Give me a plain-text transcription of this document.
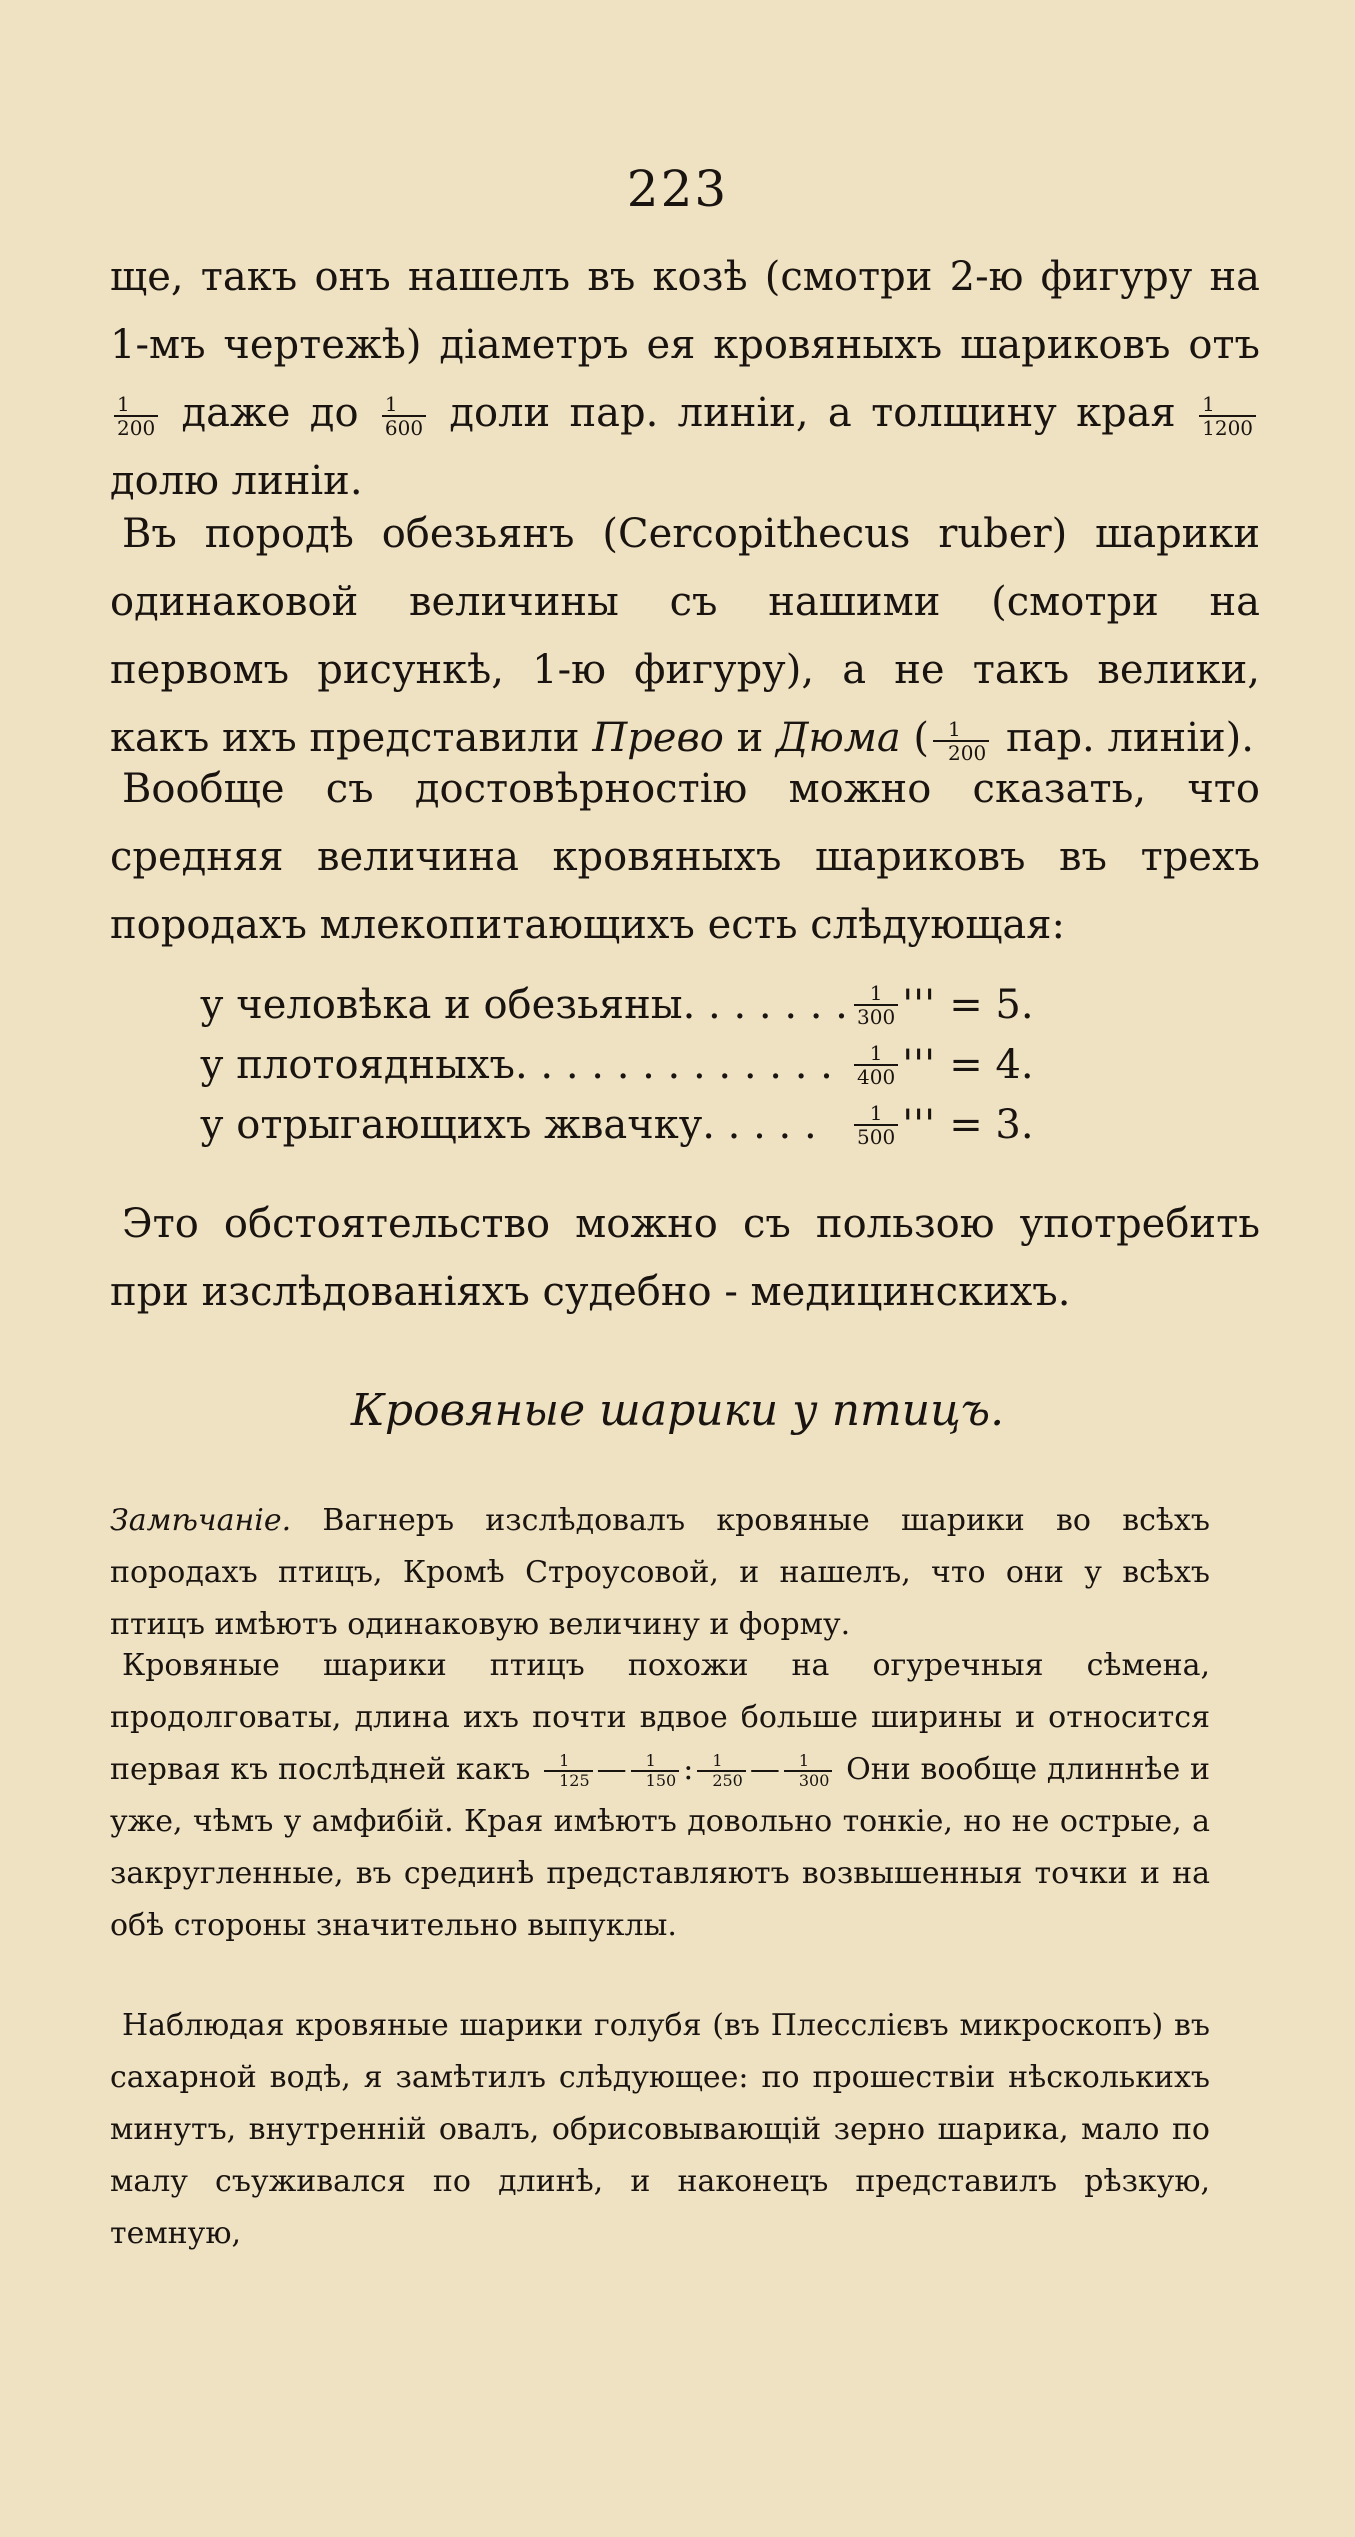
223

ще, такъ онъ нашелъ въ козѣ (смотри 2-ю фигуру на 1-мъ чертежѣ) діаметръ ея кровяныхъ шариковъ отъ
$\frac{1}{200}$ даже до $\frac{1}{600}$ доли пар. линіи, а толщину края $\frac{1}{1200}$
долю линіи.

Въ породѣ обезьянъ (Cercopithecus ruber) шарики одинаковой величины съ нашими (смотри на первомъ рисункѣ, 1-ю фигуру), а не такъ велики, какъ ихъ представили Прево и Дюма ( $\frac{1}{200}$ пар. линіи).

Вообще съ достовѣрностію можно сказать, что средняя величина кровяныхъ шариковъ въ трехъ породахъ млекопитающихъ есть слѣдующая:

у человѣка и обезьяны. . . . . . . $\frac{1}{300}$ ''' = 5.
у плотоядныхъ. . . . . . . . . . . . .	$\frac{1}{400}$ ''' = 4.
у отрыгающихъ жвачку. . . . .	$\frac{1}{500}$ ''' = 3.

Это обстоятельство можно съ пользою употребить при изслѣдованіяхъ судебно - медицинскихъ.

Кровяные шарики у птицъ.

Замѣчаніе. Вагнеръ изслѣдовалъ кровяные шарики во всѣхъ породахъ птицъ, Кромѣ Строусовой, и нашелъ, что они у всѣхъ птицъ имѣютъ одинаковую величину и форму.

Кровяные шарики птицъ похожи на огуречныя сѣмена, продолговаты, длина ихъ почти вдвое больше ширины и относится первая къ послѣдней какъ $\frac{1}{125}$ — $\frac{1}{150}$ : $\frac{1}{250}$ — $\frac{1}{300}$ Они вообще длиннѣе и уже, чѣмъ у амфибій. Края имѣютъ довольно тонкіе, но не острые, а закругленные, въ срединѣ представляютъ возвышенныя точки и на обѣ стороны значительно выпуклы.

Наблюдая кровяные шарики голубя (въ Плесслієвъ микроскопъ) въ сахарной водѣ, я замѣтилъ слѣдующее: по прошествіи нѣсколькихъ минутъ, внутренній овалъ, обрисовывающій зерно шарика, мало по малу съуживался по длинѣ, и наконецъ представилъ рѣзкую, темную,
